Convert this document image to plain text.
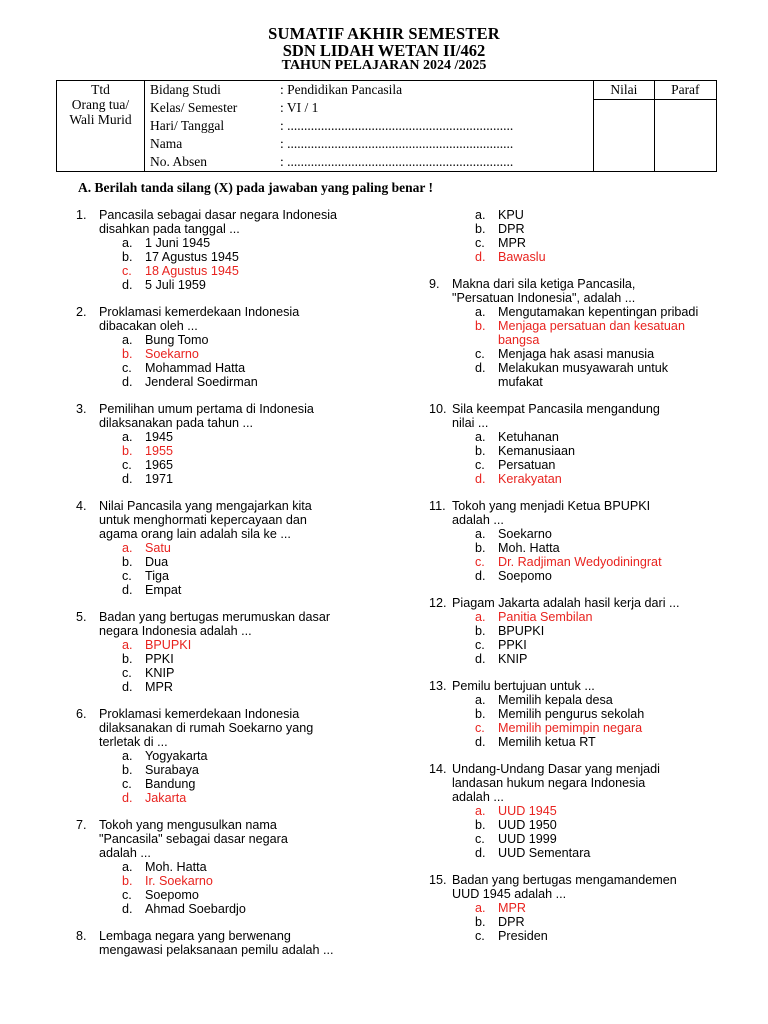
SUMATIF AKHIR SEMESTER
SDN LIDAH WETAN II/462
TAHUN PELAJARAN 2024 /2025
Ttd
Orang tua/
Wali Murid

Bidang Studi	: Pendidikan Pancasila
Kelas/ Semester	: VI / 1
Hari/ Tanggal	: ...................................................................
Nama	: ...................................................................
No. Absen	: ...................................................................

Nilai	Paraf
A. Berilah tanda silang (X) pada jawaban yang paling benar !
1. Pancasila sebagai dasar negara Indonesia
disahkan pada tanggal ...
a. 1 Juni 1945
b. 17 Agustus 1945
c.	18 Agustus 1945
d. 5 Juli 1959
2. Proklamasi kemerdekaan Indonesia
dibacakan oleh ...
a. Bung Tomo
b. Soekarno
c.	Mohammad Hatta
d. Jenderal Soedirman
3. Pemilihan umum pertama di Indonesia
dilaksanakan pada tahun ...
a. 1945
b. 1955
c.	1965
d. 1971
4. Nilai Pancasila yang mengajarkan kita
untuk menghormati kepercayaan dan
agama orang lain adalah sila ke ...
a. Satu
b. Dua
c.	Tiga
d. Empat
5. Badan yang bertugas merumuskan dasar
negara Indonesia adalah ...
a. BPUPKI
b. PPKI
c.	KNIP
d. MPR
6. Proklamasi kemerdekaan Indonesia
dilaksanakan di rumah Soekarno yang
terletak di ...
a. Yogyakarta
b. Surabaya
c.	Bandung
d. Jakarta
7. Tokoh yang mengusulkan nama
"Pancasila" sebagai dasar negara
adalah ...
a. Moh. Hatta
b. Ir. Soekarno
c.	Soepomo
d. Ahmad Soebardjo
8. Lembaga negara yang berwenang
mengawasi pelaksanaan pemilu adalah ...
a. KPU
b. DPR
c.	MPR
d. Bawaslu
9. Makna dari sila ketiga Pancasila,
"Persatuan Indonesia", adalah ...
a. Mengutamakan kepentingan pribadi
b. Menjaga persatuan dan kesatuan bangsa
c.	Menjaga hak asasi manusia
d. Melakukan musyawarah untuk mufakat
10. Sila keempat Pancasila mengandung
nilai ...
a. Ketuhanan
b. Kemanusiaan
c.	Persatuan
d. Kerakyatan
11. Tokoh yang menjadi Ketua BPUPKI
adalah ...
a. Soekarno
b. Moh. Hatta
c.	Dr. Radjiman Wedyodiningrat
d. Soepomo
12. Piagam Jakarta adalah hasil kerja dari ...
a. Panitia Sembilan
b. BPUPKI
c.	PPKI
d. KNIP
13. Pemilu bertujuan untuk ...
a. Memilih kepala desa
b. Memilih pengurus sekolah
c.	Memilih pemimpin negara
d. Memilih ketua RT
14. Undang-Undang Dasar yang menjadi
landasan hukum negara Indonesia
adalah ...
a. UUD 1945
b. UUD 1950
c.	UUD 1999
d. UUD Sementara
15. Badan yang bertugas mengamandemen
UUD 1945 adalah ...
a. MPR
b. DPR
c.	Presiden
